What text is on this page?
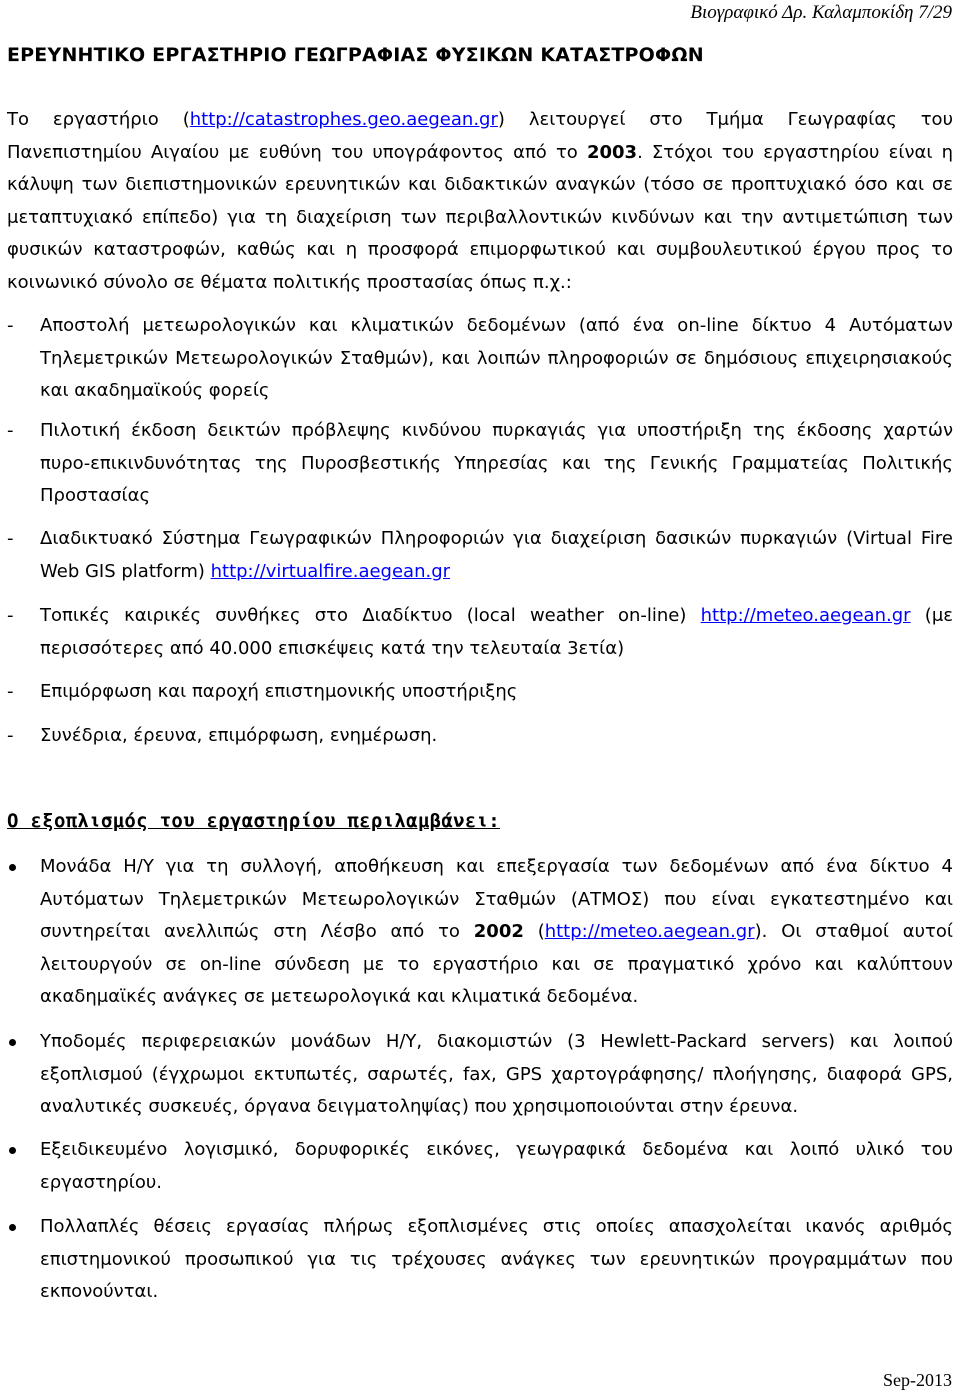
Βιογραφικό Δρ. Καλαμποκίδη 7/29
ΕΡΕΥΝΗΤΙΚΟ ΕΡΓΑΣΤΗΡΙΟ ΓΕΩΓΡΑΦΙΑΣ ΦΥΣΙΚΩΝ ΚΑΤΑΣΤΡΟΦΩΝ
Το εργαστήριο (http://catastrophes.geo.aegean.gr) λειτουργεί στο Τμήμα Γεωγραφίας του Πανεπιστημίου Αιγαίου με ευθύνη του υπογράφοντος από το 2003. Στόχοι του εργαστηρίου είναι η κάλυψη των διεπιστημονικών ερευνητικών και διδακτικών αναγκών (τόσο σε προπτυχιακό όσο και σε μεταπτυχιακό επίπεδο) για τη διαχείριση των περιβαλλοντικών κινδύνων και την αντιμετώπιση των φυσικών καταστροφών, καθώς και η προσφορά επιμορφωτικού και συμβουλευτικού έργου προς το κοινωνικό σύνολο σε θέματα πολιτικής προστασίας όπως π.χ.:
-	Αποστολή μετεωρολογικών και κλιματικών δεδομένων (από ένα on-line δίκτυο 4 Αυτόματων Τηλεμετρικών Μετεωρολογικών Σταθμών), και λοιπών πληροφοριών σε δημόσιους επιχειρησιακούς και ακαδημαϊκούς φορείς
-	Πιλοτική έκδοση δεικτών πρόβλεψης κινδύνου πυρκαγιάς για υποστήριξη της έκδοσης χαρτών πυρο-επικινδυνότητας της Πυροσβεστικής Υπηρεσίας και της Γενικής Γραμματείας Πολιτικής Προστασίας
-	Διαδικτυακό Σύστημα Γεωγραφικών Πληροφοριών για διαχείριση δασικών πυρκαγιών (Virtual Fire Web GIS platform) http://virtualfire.aegean.gr
-	Τοπικές καιρικές συνθήκες στο Διαδίκτυο (local weather on-line) http://meteo.aegean.gr (με περισσότερες από 40.000 επισκέψεις κατά την τελευταία 3ετία)
-	Επιμόρφωση και παροχή επιστημονικής υποστήριξης
-	Συνέδρια, έρευνα, επιμόρφωση, ενημέρωση.
Ο εξοπλισμός του εργαστηρίου περιλαμβάνει:
Μονάδα Η/Υ για τη συλλογή, αποθήκευση και επεξεργασία των δεδομένων από ένα δίκτυο 4 Αυτόματων Τηλεμετρικών Μετεωρολογικών Σταθμών (ΑΤΜΟΣ) που είναι εγκατεστημένο και συντηρείται ανελλιπώς στη Λέσβο από το 2002 (http://meteo.aegean.gr). Οι σταθμοί αυτοί λειτουργούν σε on-line σύνδεση με το εργαστήριο και σε πραγματικό χρόνο και καλύπτουν ακαδημαϊκές ανάγκες σε μετεωρολογικά και κλιματικά δεδομένα.
Υποδομές περιφερειακών μονάδων Η/Υ, διακομιστών (3 Hewlett-Packard servers) και λοιπού εξοπλισμού (έγχρωμοι εκτυπωτές, σαρωτές, fax, GPS χαρτογράφησης/ πλοήγησης, διαφορά GPS, αναλυτικές συσκευές, όργανα δειγματοληψίας) που χρησιμοποιούνται στην έρευνα.
Εξειδικευμένο λογισμικό, δορυφορικές εικόνες, γεωγραφικά δεδομένα και λοιπό υλικό του εργαστηρίου.
Πολλαπλές θέσεις εργασίας πλήρως εξοπλισμένες στις οποίες απασχολείται ικανός αριθμός επιστημονικού προσωπικού για τις τρέχουσες ανάγκες των ερευνητικών προγραμμάτων που εκπονούνται.
Sep-2013
